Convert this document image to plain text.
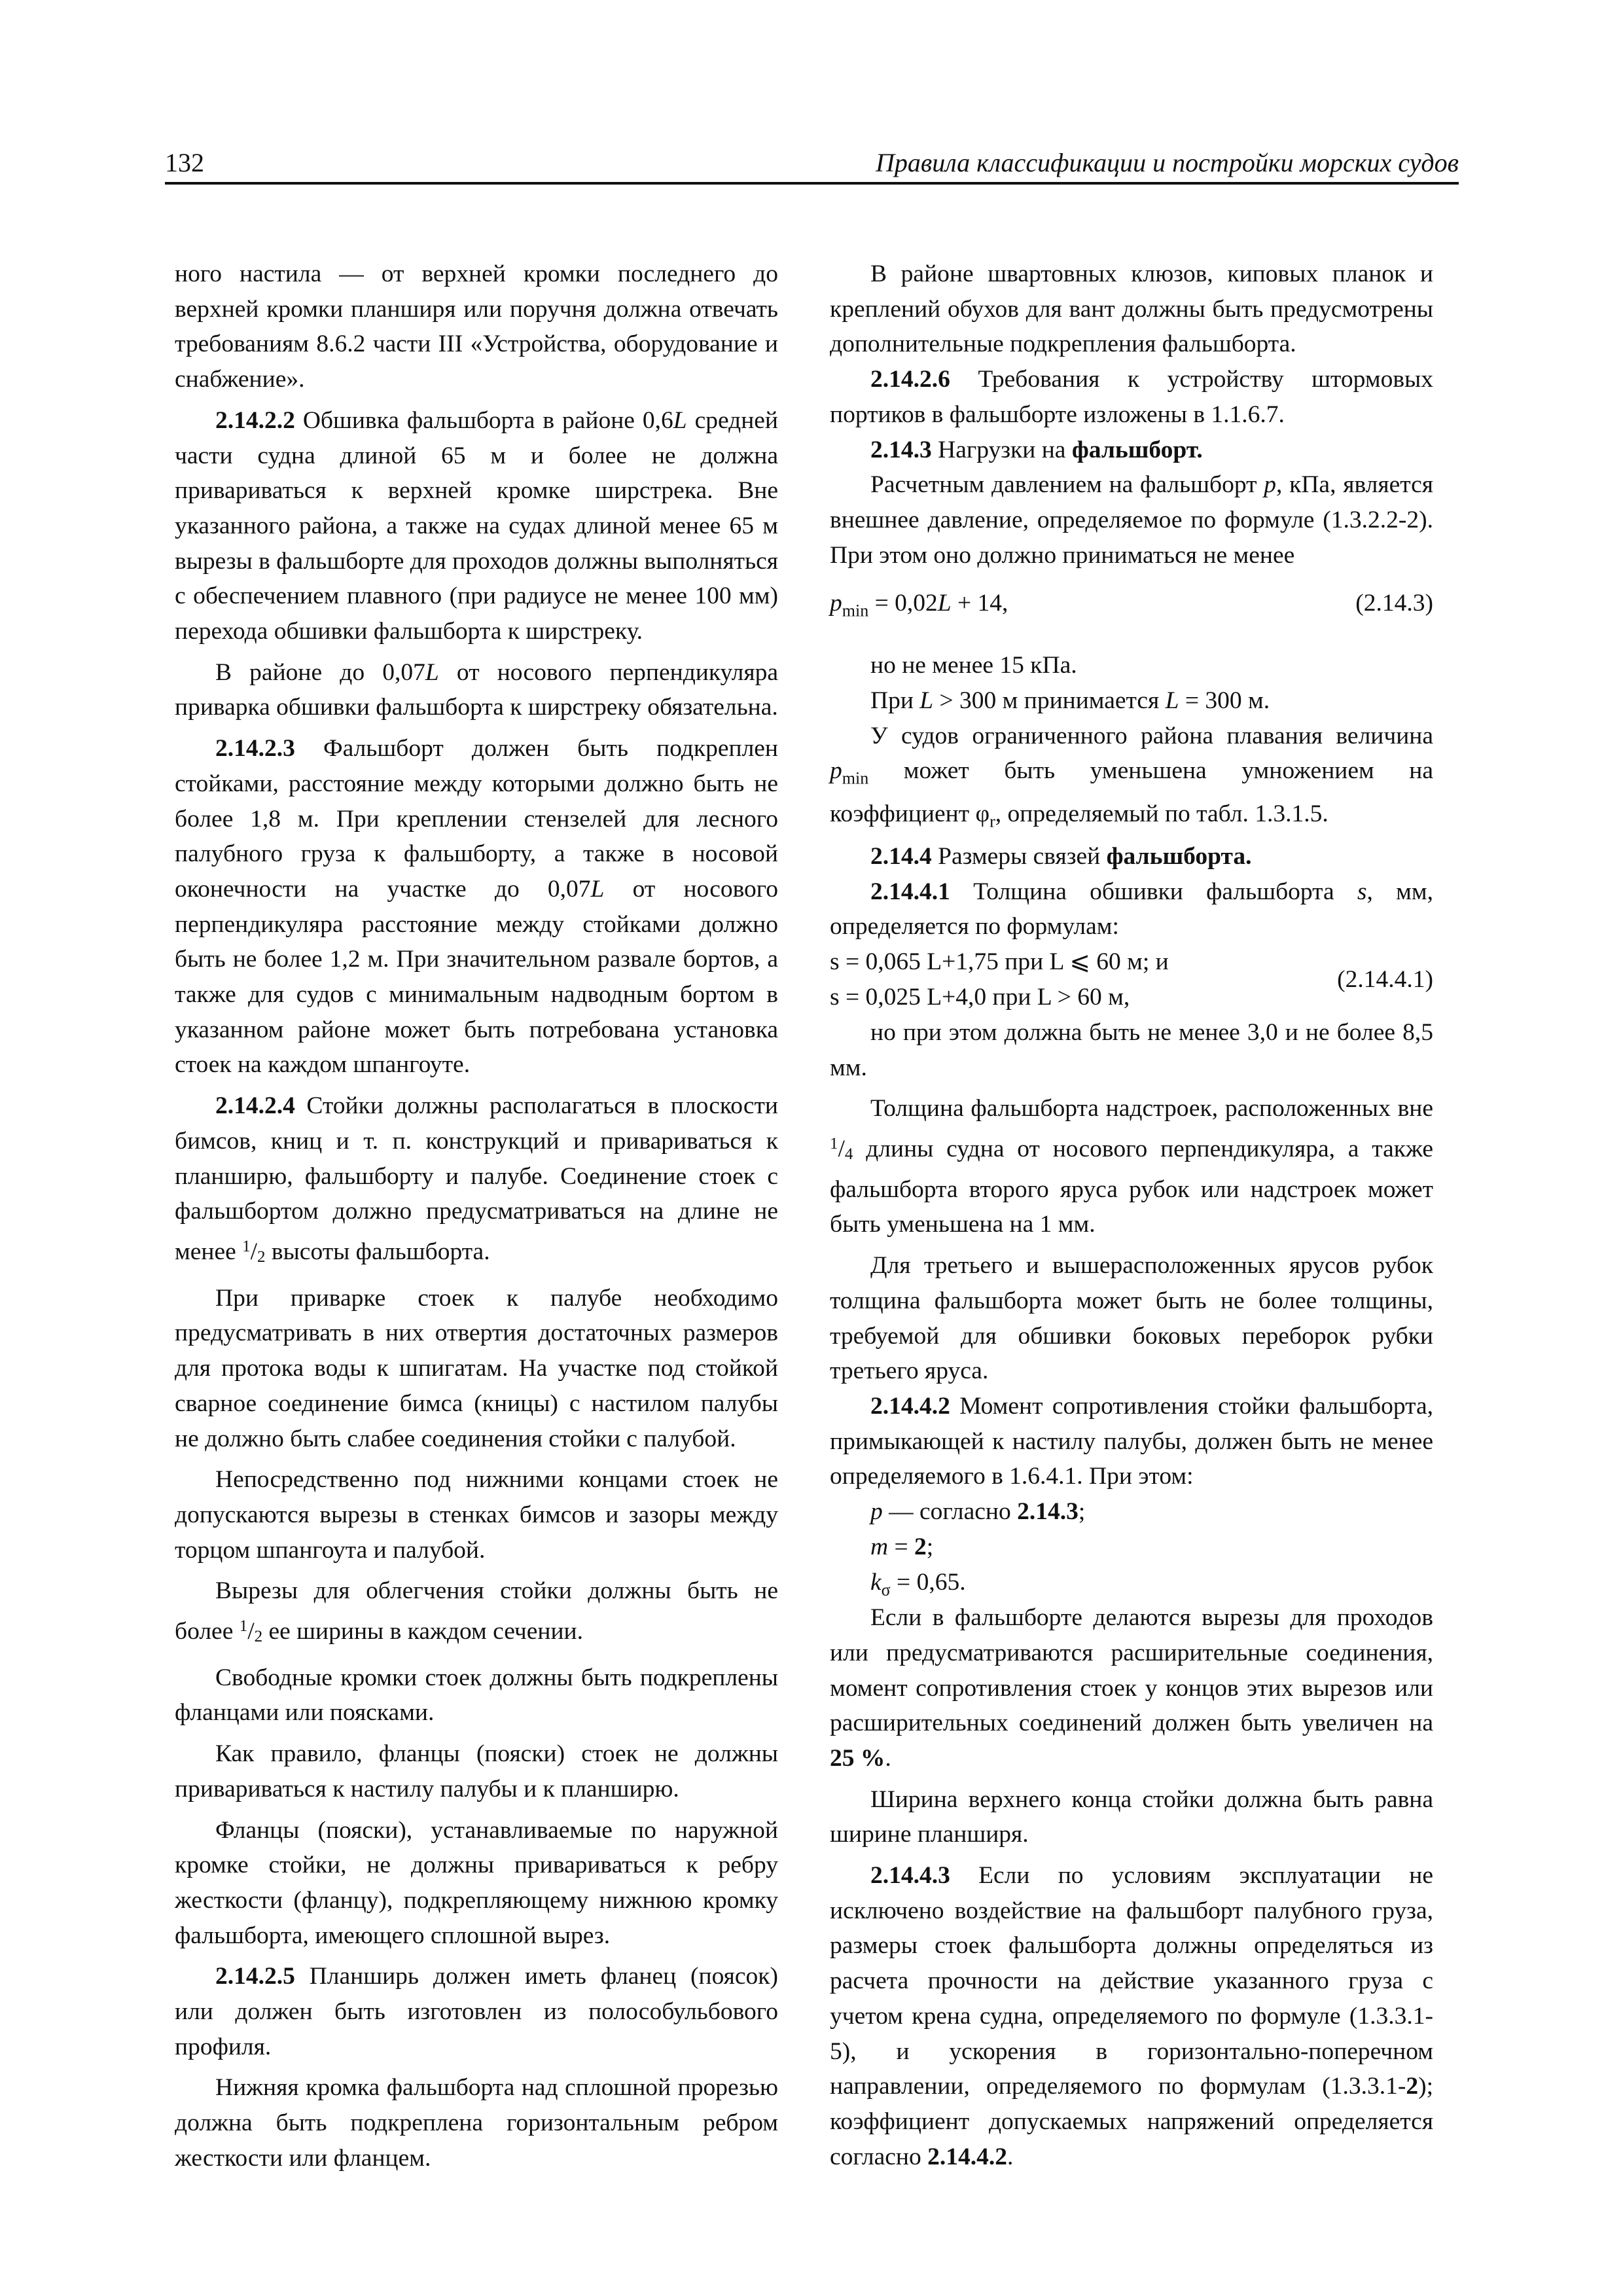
132	Правила классификации и постройки морских судов

ного настила — от верхней кромки последнего до верхней кромки планширя или поручня должна отвечать требованиям 8.6.2 части III «Устройства, оборудование и снабжение».

2.14.2.2 Обшивка фальшборта в районе 0,6L средней части судна длиной 65 м и более не должна привариваться к верхней кромке ширстрека. Вне указанного района, а также на судах длиной менее 65 м вырезы в фальшборте для проходов должны выполняться с обеспечением плавного (при радиусе не менее 100 мм) перехода обшивки фальшборта к ширстреку.

В районе до 0,07L от носового перпендикуляра приварка обшивки фальшборта к ширстреку обязательна.

2.14.2.3 Фальшборт должен быть подкреплен стойками, расстояние между которыми должно быть не более 1,8 м. При креплении стензелей для лесного палубного груза к фальшборту, а также в носовой оконечности на участке до 0,07L от носового перпендикуляра расстояние между стойками должно быть не более 1,2 м. При значительном развале бортов, а также для судов с минимальным надводным бортом в указанном районе может быть потребована установка стоек на каждом шпангоуте.

2.14.2.4 Стойки должны располагаться в плоскости бимсов, книц и т. п. конструкций и привариваться к планширю, фальшборту и палубе. Соединение стоек с фальшбортом должно предусматриваться на длине не менее $^1/_2$ высоты фальшборта.

При приварке стоек к палубе необходимо предусматривать в них отвертия достаточных размеров для протока воды к шпигатам. На участке под стойкой сварное соединение бимса (кницы) с настилом палубы не должно быть слабее соединения стойки с палубой.

Непосредственно под нижними концами стоек не допускаются вырезы в стенках бимсов и зазоры между торцом шпангоута и палубой.

Вырезы для облегчения стойки должны быть не более $^1/_2$ ее ширины в каждом сечении.

Свободные кромки стоек должны быть подкреплены фланцами или поясками.

Как правило, фланцы (пояски) стоек не должны привариваться к настилу палубы и к планширю.

Фланцы (пояски), устанавливаемые по наружной кромке стойки, не должны привариваться к ребру жесткости (фланцу), подкрепляющему нижнюю кромку фальшборта, имеющего сплошной вырез.

2.14.2.5 Планширь должен иметь фланец (поясок) или должен быть изготовлен из полособульбового профиля.

Нижняя кромка фальшборта над сплошной прорезью должна быть подкреплена горизонтальным ребром жесткости или фланцем.

В районе швартовных клюзов, киповых планок и креплений обухов для вант должны быть предусмотрены дополнительные подкрепления фальшборта.

2.14.2.6 Требования к устройству штормовых портиков в фальшборте изложены в 1.1.6.7.

2.14.3 Нагрузки на фальшборт.

Расчетным давлением на фальшборт p, кПа, является внешнее давление, определяемое по формуле (1.3.2.2-2). При этом оно должно приниматься не менее

$p_{min} = 0,02L + 14$,	(2.14.3)

но не менее 15 кПа.

При L > 300 м принимается L = 300 м.

У судов ограниченного района плавания величина $p_{min}$ может быть уменьшена умножением на коэффициент $\varphi_r$, определяемый по табл. 1.3.1.5.

2.14.4 Размеры связей фальшборта.

2.14.4.1 Толщина обшивки фальшборта s, мм, определяется по формулам:

s = 0,065 L+1,75 при L ⩽ 60 м; и
s = 0,025 L+4,0 при L > 60 м,
(2.14.4.1)

но при этом должна быть не менее 3,0 и не более 8,5 мм.

Толщина фальшборта надстроек, расположенных вне $^1/_4$ длины судна от носового перпендикуляра, а также фальшборта второго яруса рубок или надстроек может быть уменьшена на 1 мм.

Для третьего и вышерасположенных ярусов рубок толщина фальшборта может быть не более толщины, требуемой для обшивки боковых переборок рубки третьего яруса.

2.14.4.2 Момент сопротивления стойки фальшборта, примыкающей к настилу палубы, должен быть не менее определяемого в 1.6.4.1. При этом:

p — согласно 2.14.3;
m = 2;
$k_\sigma = 0,65$.

Если в фальшборте делаются вырезы для проходов или предусматриваются расширительные соединения, момент сопротивления стоек у концов этих вырезов или расширительных соединений должен быть увеличен на 25 %.

Ширина верхнего конца стойки должна быть равна ширине планширя.

2.14.4.3 Если по условиям эксплуатации не исключено воздействие на фальшборт палубного груза, размеры стоек фальшборта должны определяться из расчета прочности на действие указанного груза с учетом крена судна, определяемого по формуле (1.3.3.1-5), и ускорения в горизонтально-поперечном направлении, определяемого по формулам (1.3.3.1-2); коэффициент допускаемых напряжений определяется согласно 2.14.4.2.
